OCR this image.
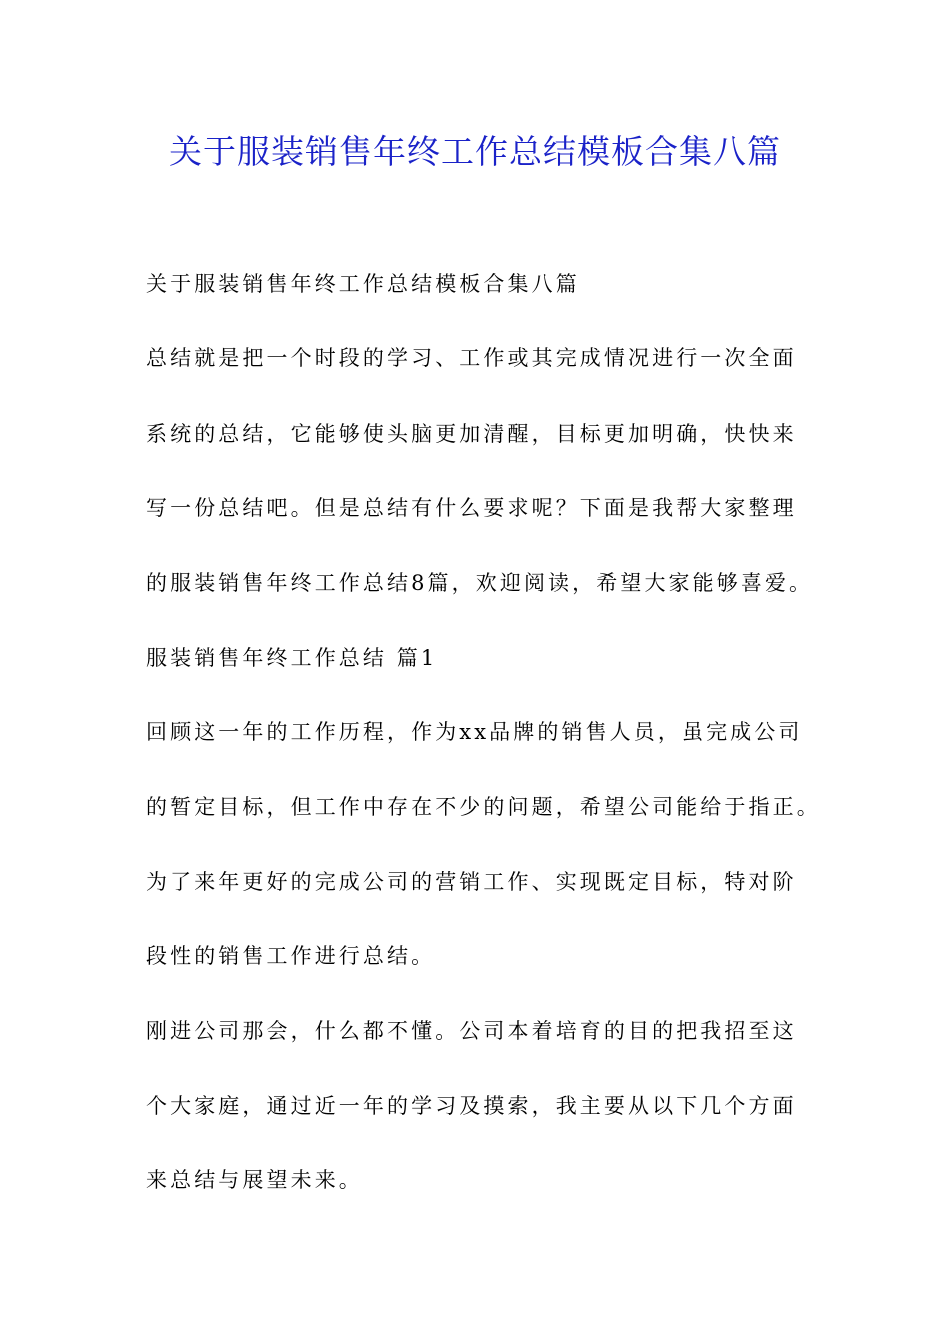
关于服装销售年终工作总结模板合集八篇
关于服装销售年终工作总结模板合集八篇
总结就是把一个时段的学习、工作或其完成情况进行一次全面
系统的总结，它能够使头脑更加清醒，目标更加明确，快快来
写一份总结吧。但是总结有什么要求呢？下面是我帮大家整理
的服装销售年终工作总结8篇，欢迎阅读，希望大家能够喜爱。
服装销售年终工作总结 篇1
回顾这一年的工作历程，作为xx品牌的销售人员，虽完成公司
的暂定目标，但工作中存在不少的问题，希望公司能给于指正。
为了来年更好的完成公司的营销工作、实现既定目标，特对阶
段性的销售工作进行总结。
刚进公司那会，什么都不懂。公司本着培育的目的把我招至这
个大家庭，通过近一年的学习及摸索，我主要从以下几个方面
来总结与展望未来。
